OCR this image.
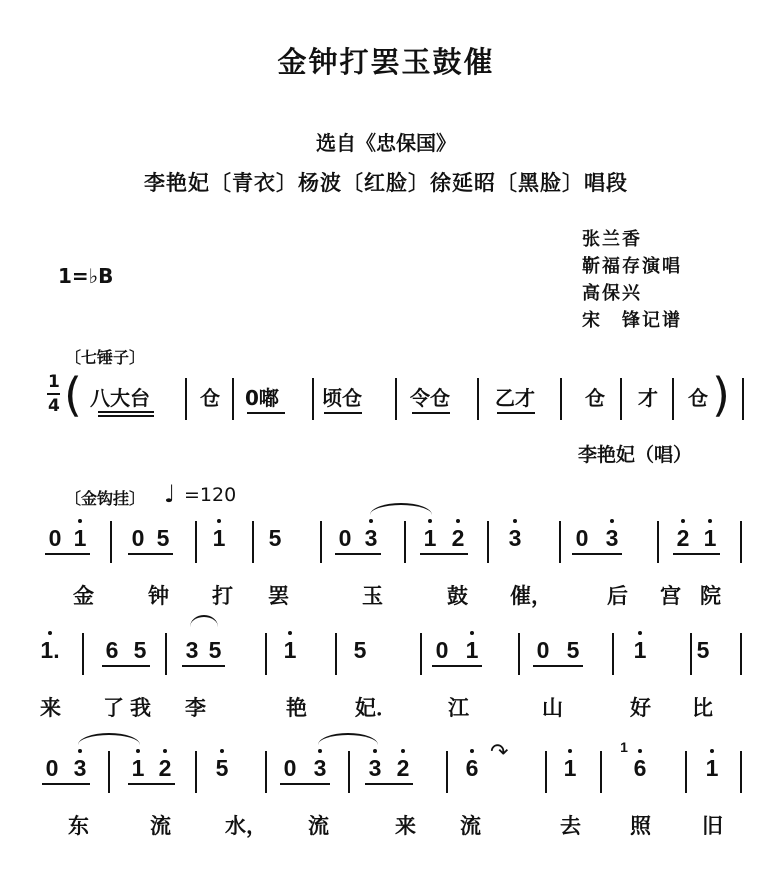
金钟打罢玉鼓催
选自《忠保国》
李艳妃〔青衣〕杨波〔红脸〕徐延昭〔黑脸〕唱段
1=♭B
张兰香
靳福存演唱
高保兴
宋　锋记谱
〔七锤子〕
1
4 (	)
李艳妃（唱）
〔金钩挂〕 ♩ =120
八大台	仓 0嘟 顷仓 令仓 乙才	仓 才 仓
0 1 0 5 1 5 0 3 1 2 3 0 3	2 1
金	钟 打 罢	玉	鼓 催，	后 宫 院
1. 6 5 3 5	1 5	0 1	0 5 1 5
来 了 我 李	艳 妃． 江	山	好 比
0 3 1 2 5 0 3 3 2 6	1 6
1
1
东	流	水， 流	来 流	去 照 旧
↷
